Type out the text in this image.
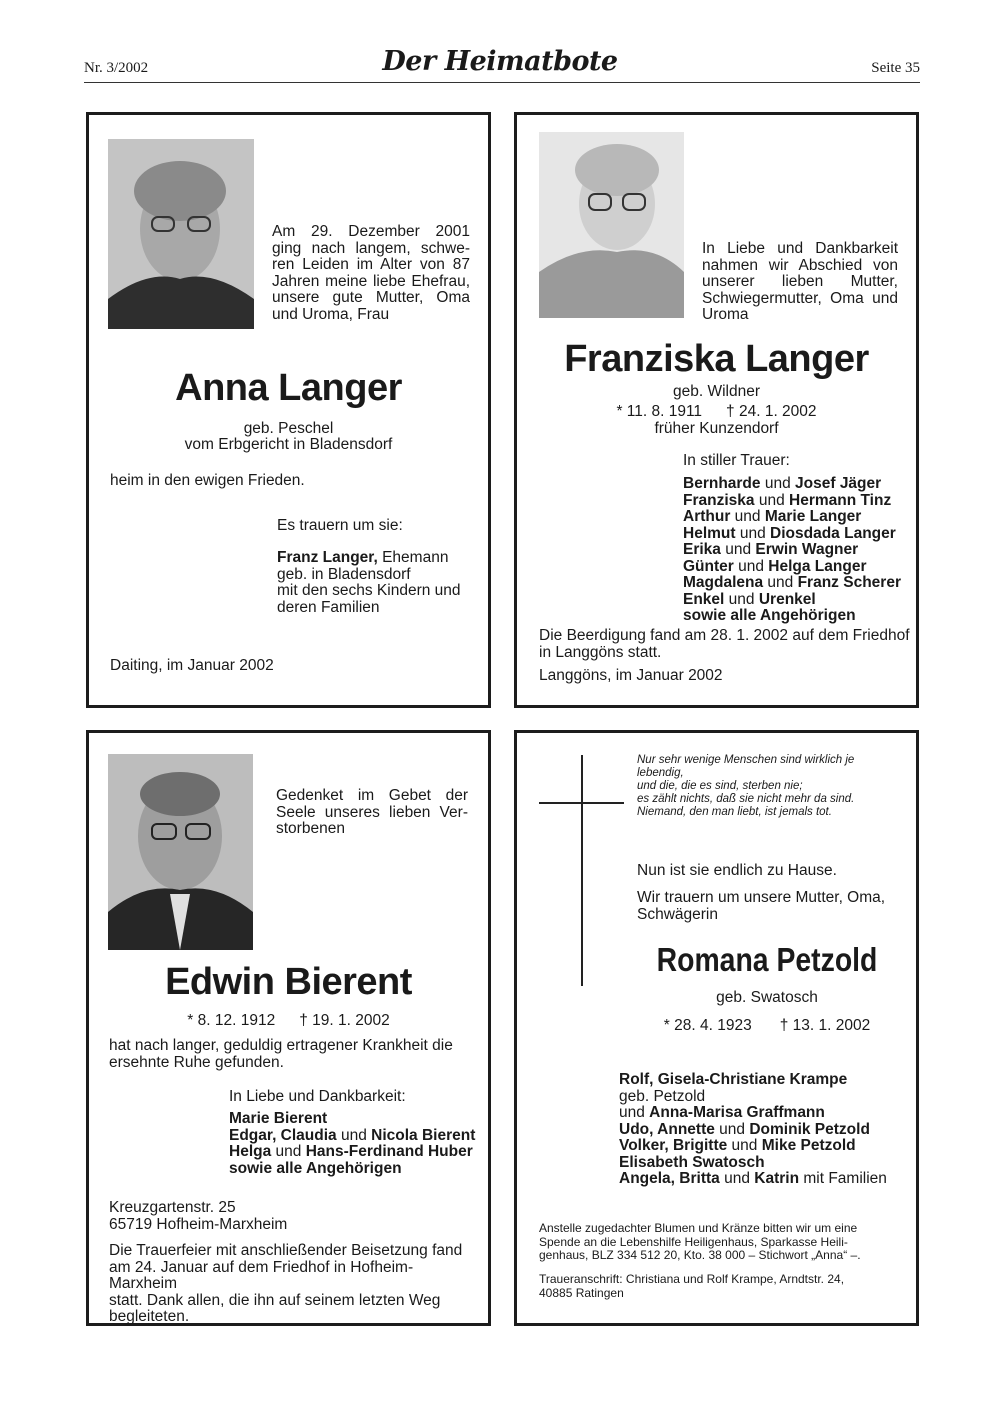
Nr. 3/2002	Der Heimatbote	Seite 35
Am 29. Dezember 2001
ging nach langem, schwe-
ren Leiden im Alter von 87
Jahren meine liebe Ehefrau,
unsere gute Mutter, Oma
und Uroma, Frau
Anna Langer
geb. Peschel
vom Erbgericht in Bladensdorf
heim in den ewigen Frieden.
Es trauern um sie:
Franz Langer, Ehemann
geb. in Bladensdorf
mit den sechs Kindern und
deren Familien
Daiting, im Januar 2002
In Liebe und Dankbarkeit
nahmen wir Abschied von
unserer lieben Mutter,
Schwiegermutter, Oma und
Uroma
Franziska Langer
geb. Wildner
* 11. 8. 1911 † 24. 1. 2002
früher Kunzendorf
In stiller Trauer:
Bernharde und Josef Jäger
Franziska und Hermann Tinz
Arthur und Marie Langer
Helmut und Diosdada Langer
Erika und Erwin Wagner
Günter und Helga Langer
Magdalena und Franz Scherer
Enkel und Urenkel
sowie alle Angehörigen
Die Beerdigung fand am 28. 1. 2002 auf dem Friedhof
in Langgöns statt.
Langgöns, im Januar 2002
Gedenket im Gebet der
Seele unseres lieben Ver-
storbenen
Edwin Bierent
* 8. 12. 1912 † 19. 1. 2002
hat nach langer, geduldig ertragener Krankheit die
ersehnte Ruhe gefunden.
In Liebe und Dankbarkeit:
Marie Bierent
Edgar, Claudia und Nicola Bierent
Helga und Hans-Ferdinand Huber
sowie alle Angehörigen
Kreuzgartenstr. 25
65719 Hofheim-Marxheim
Die Trauerfeier mit anschließender Beisetzung fand
am 24. Januar auf dem Friedhof in Hofheim-Marxheim
statt. Dank allen, die ihn auf seinem letzten Weg
begleiteten.
Nur sehr wenige Menschen sind wirklich je
lebendig,
und die, die es sind, sterben nie;
es zählt nichts, daß sie nicht mehr da sind.
Niemand, den man liebt, ist jemals tot.
Nun ist sie endlich zu Hause.
Wir trauern um unsere Mutter, Oma,
Schwägerin
Romana Petzold
geb. Swatosch
* 28. 4. 1923 † 13. 1. 2002
Rolf, Gisela-Christiane Krampe
geb. Petzold
und Anna-Marisa Graffmann
Udo, Annette und Dominik Petzold
Volker, Brigitte und Mike Petzold
Elisabeth Swatosch
Angela, Britta und Katrin mit Familien
Anstelle zugedachter Blumen und Kränze bitten wir um eine
Spende an die Lebenshilfe Heiligenhaus, Sparkasse Heili-
genhaus, BLZ 334 512 20, Kto. 38 000 – Stichwort „Anna“ –.
Traueranschrift: Christiana und Rolf Krampe, Arndtstr. 24,
40885 Ratingen
